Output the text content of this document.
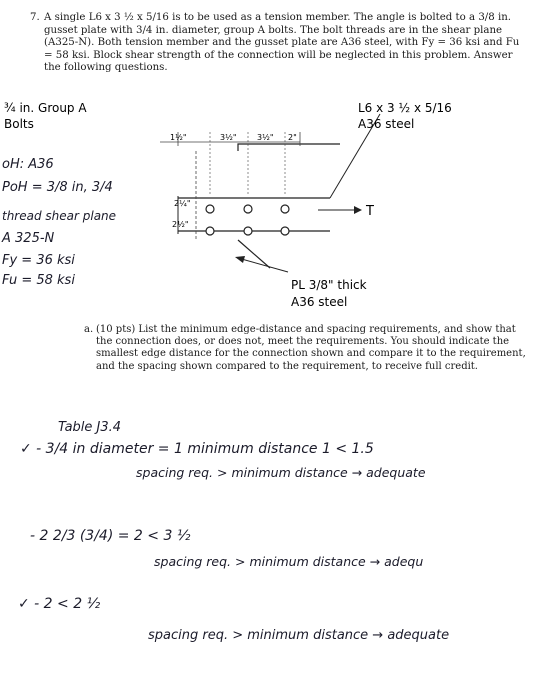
7. A single L6 x 3 ½ x 5/16 is to be used as a tension member. The angle is bolted to a 3/8 in. gusset plate with 3/4 in. diameter, group A bolts. The bolt threads are in the shear plane (A325-N). Both tension member and the gusset plate are A36 steel, with Fy = 36 ksi and Fu = 58 ksi. Block shear strength of the connection will be neglected in this problem. Answer the following questions.
1½"	3½"	3½" 2"
2¼"
2½"
T
¾ in. Group A
Bolts
L6 x 3 ½ x 5/16
A36 steel
PL 3/8" thick
A36 steel
oH: A36
PoH = 3/8 in, 3/4
thread shear plane
A 325-N
Fy = 36 ksi
Fu = 58 ksi
a. (10 pts) List the minimum edge-distance and spacing requirements, and show that the connection does, or does not, meet the requirements. You should indicate the smallest edge distance for the connection shown and compare it to the requirement, and the spacing shown compared to the requirement, to receive full credit.
Table J3.4
✓ - 3/4 in diameter = 1 minimum distance 1 < 1.5
spacing req. > minimum distance → adequate
- 2 2/3 (3/4) = 2 < 3 ½
spacing req. > minimum distance → adequ
✓ - 2 < 2 ½
spacing req. > minimum distance → adequate
